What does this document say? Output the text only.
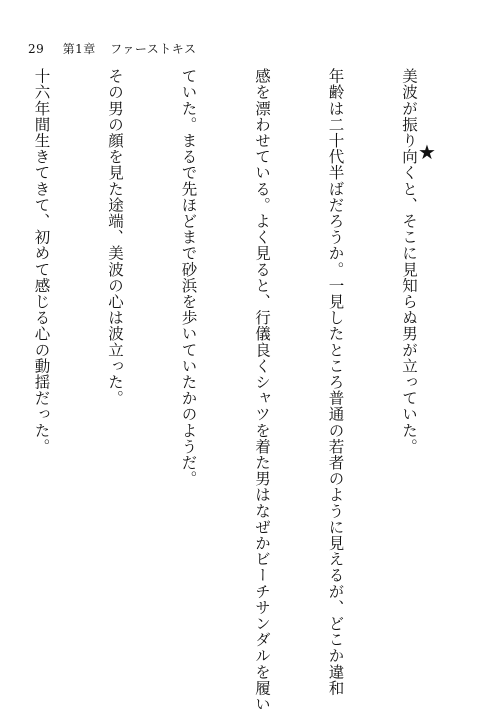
29 第1章 ファーストキス
★

美波が振り向くと、そこに見知らぬ男が立っていた。

年齢は二十代半ばだろうか。一見したところ普通の若者のように見えるが、どこか違和

感を漂わせている。よく見ると、行儀良くシャツを着た男はなぜかビーチサンダルを履い

ていた。まるで先ほどまで砂浜を歩いていたかのようだ。

その男の顔を見た途端、美波の心は波立った。

十六年間生きてきて、初めて感じる心の動揺だった。
